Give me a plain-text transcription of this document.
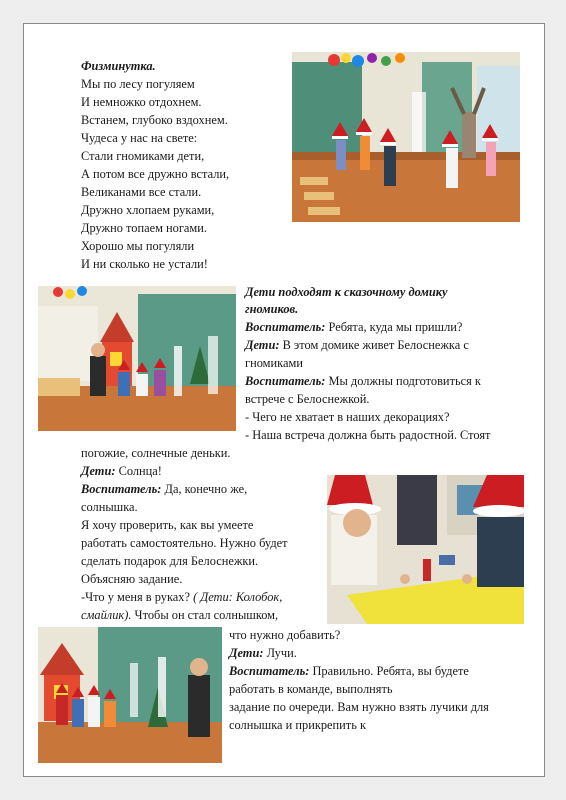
Физминутка.
Мы по лесу погуляем
И немножко отдохнем.
Встанем, глубоко вздохнем.
Чудеса у нас на свете:
Стали гномиками дети,
А потом все дружно встали,
Великанами все стали.
Дружно хлопаем руками,
Дружно топаем ногами.
Хорошо мы погуляли
И ни сколько не устали!
Дети подходят к сказочному домику
гномиков.
Воспитатель: Ребята, куда мы пришли?
Дети: В этом домике живет Белоснежка с
гномиками
Воспитатель: Мы должны подготовиться к
встрече с Белоснежкой.
- Чего не хватает в наших декорациях?
- Наша встреча должна быть радостной. Стоят
погожие, солнечные деньки.
Дети: Солнца!
Воспитатель: Да, конечно же,
солнышка.
Я хочу проверить, как вы умеете
работать самостоятельно. Нужно будет
сделать подарок для Белоснежки.
Объясняю задание.
-Что у меня в руках? ( Дети: Колобок,
смайлик). Чтобы он стал солнышком,
что нужно добавить?
Дети: Лучи.
Воспитатель: Правильно. Ребята, вы будете
работать в команде, выполнять
задание по очереди. Вам нужно взять лучики для
солнышка и прикрепить к
